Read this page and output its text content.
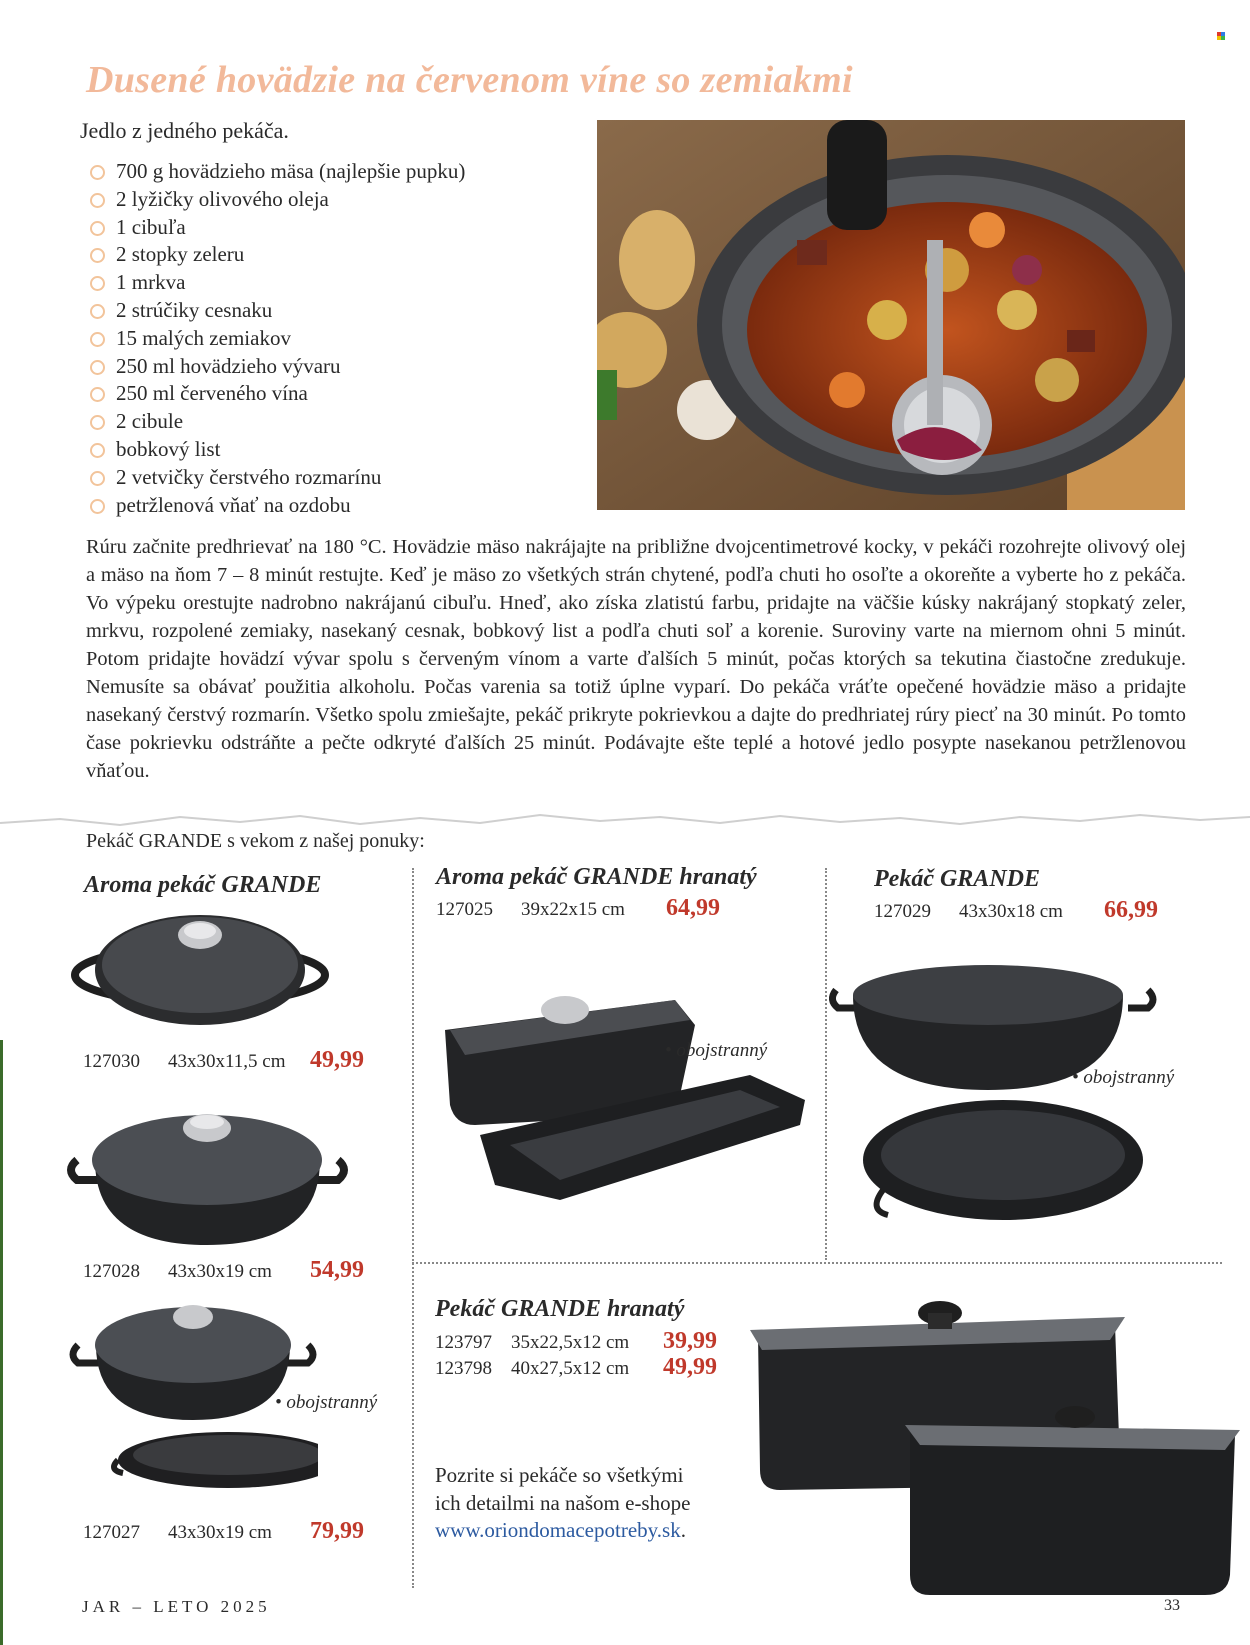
Dusené hovädzie na červenom víne so zemiakmi
Jedlo z jedného pekáča.
700 g hovädzieho mäsa (najlepšie pupku)
2 lyžičky olivového oleja
1 cibuľa
2 stopky zeleru
1 mrkva
2 strúčiky cesnaku
15 malých zemiakov
250 ml hovädzieho vývaru
250 ml červeného vína
2 cibule
bobkový list
2 vetvičky čerstvého rozmarínu
petržlenová vňať na ozdobu
Rúru začnite predhrievať na 180 °C. Hovädzie mäso nakrájajte na približne dvojcentimetrové kocky, v pekáči rozohrejte olivový olej a mäso na ňom 7 – 8 minút restujte. Keď je mäso zo všetkých strán chytené, podľa chuti ho osoľte a okoreňte a vyberte ho z pekáča. Vo výpeku orestujte nadrobno nakrájanú cibuľu. Hneď, ako získa zlatistú farbu, pridajte na väčšie kúsky nakrájaný stopkatý zeler, mrkvu, rozpolené zemiaky, nasekaný cesnak, bobkový list a podľa chuti soľ a korenie. Suroviny varte na miernom ohni 5 minút. Potom pridajte hovädzí vývar spolu s červeným vínom a varte ďalších 5 minút, počas ktorých sa tekutina čiastočne zredukuje. Nemusíte sa obávať použitia alkoholu. Počas varenia sa totiž úplne vyparí. Do pekáča vráťte opečené hovädzie mäso a pridajte nasekaný čerstvý rozmarín. Všetko spolu zmiešajte, pekáč prikryte pokrievkou a dajte do predhriatej rúry piecť na 30 minút. Po tomto čase pokrievku odstráňte a pečte odkryté ďalších 25 minút. Podávajte ešte teplé a hotové jedlo posypte nasekanou petržlenovou vňaťou.
Pekáč GRANDE s vekom z našej ponuky:
Aroma pekáč GRANDE
127030 43x30x11,5 cm 49,99
127028 43x30x19 cm 54,99
• obojstranný
127027 43x30x19 cm 79,99
Aroma pekáč GRANDE hranatý
127025 39x22x15 cm 64,99
• obojstranný
Pekáč GRANDE
127029 43x30x18 cm 66,99
• obojstranný
Pekáč GRANDE hranatý
123797 35x22,5x12 cm 39,99
123798 40x27,5x12 cm 49,99
Pozrite si pekáče so všetkými
ich detailmi na našom e-shope
www.oriondomacepotreby.sk.
JAR – LETO 2025	33
